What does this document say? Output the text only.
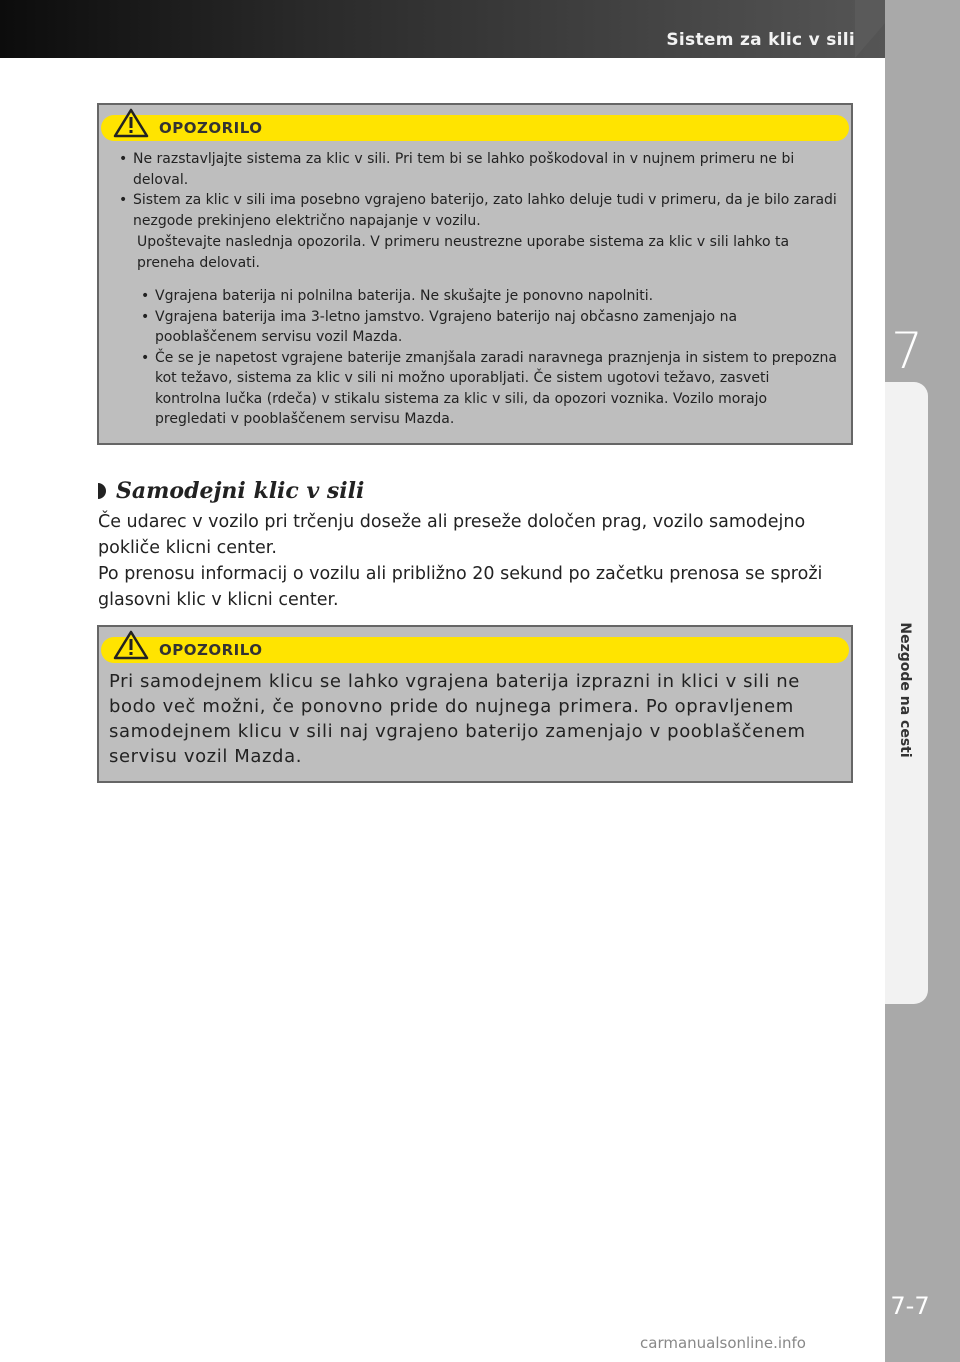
Sistem za klic v sili
7
Nezgode na cesti
7-7
OPOZORILO
• Ne razstavljajte sistema za klic v sili. Pri tem bi se lahko poškodoval in v nujnem primeru ne bi deloval.
• Sistem za klic v sili ima posebno vgrajeno baterijo, zato lahko deluje tudi v primeru, da je bilo zaradi nezgode prekinjeno električno napajanje v vozilu.
Upoštevajte naslednja opozorila. V primeru neustrezne uporabe sistema za klic v sili lahko ta preneha delovati.
• Vgrajena baterija ni polnilna baterija. Ne skušajte je ponovno napolniti.
• Vgrajena baterija ima 3-letno jamstvo. Vgrajeno baterijo naj občasno zamenjajo na pooblaščenem servisu vozil Mazda.
• Če se je napetost vgrajene baterije zmanjšala zaradi naravnega praznjenja in sistem to prepozna kot težavo, sistema za klic v sili ni možno uporabljati. Če sistem ugotovi težavo, zasveti kontrolna lučka (rdeča) v stikalu sistema za klic v sili, da opozori voznika. Vozilo morajo pregledati v pooblaščenem servisu Mazda.
Samodejni klic v sili

Če udarec v vozilo pri trčenju doseže ali preseže določen prag, vozilo samodejno pokliče klicni center.

Po prenosu informacij o vozilu ali približno 20 sekund po začetku prenosa se sproži glasovni klic v klicni center.

OPOZORILO
Pri samodejnem klicu se lahko vgrajena baterija izprazni in klici v sili ne bodo več možni, če ponovno pride do nujnega primera. Po opravljenem samodejnem klicu v sili naj vgrajeno baterijo zamenjajo v pooblaščenem servisu vozil Mazda.
carmanualsonline.info
